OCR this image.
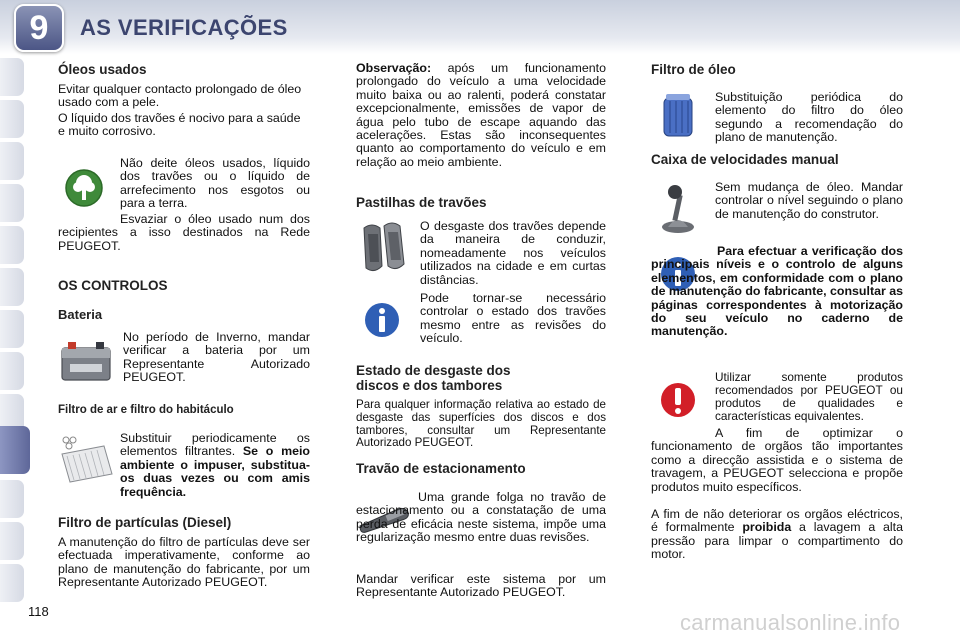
9	AS VERIFICAÇÕES
Óleos usados

Evitar qualquer contacto prolongado de óleo usado com a pele.

O líquido dos travões é nocivo para a saúde e muito corrosivo.

Não deite óleos usados, líquido dos travões ou o líquido de arrefecimento nos esgotos ou para a terra.

Esvaziar o óleo usado num dos recipientes a isso destinados na Rede PEUGEOT.

OS CONTROLOS
Bateria

No período de Inverno, mandar verificar a bateria por um Representante Autorizado PEUGEOT.

Filtro de ar e filtro do habitáculo

Substituir periodicamente os elementos filtrantes. Se o meio ambiente o impuser, substitua-os duas vezes ou com amis frequência.

Filtro de partículas (Diesel)

A manutenção do filtro de partículas deve ser efectuada imperativamente, conforme ao plano de manutenção do fabricante, por um Representante Autorizado PEUGEOT.

Observação: após um funcionamento prolongado do veículo a uma velocidade muito baixa ou ao ralenti, poderá constatar excepcionalmente, emissões de vapor de água pelo tubo de escape aquando das acelerações. Estas são inconsequentes quanto ao comportamento do veículo e em relação ao meio ambiente.

Pastilhas de travões

O desgaste dos travões depende da maneira de conduzir, nomeadamente nos veículos utilizados na cidade e em curtas distâncias.

Pode tornar-se necessário controlar o estado dos travões mesmo entre as revisões do veículo.

Estado de desgaste dos
discos e dos tambores

Para qualquer informação relativa ao estado de desgaste das superfícies dos discos e dos tambores, consultar um Representante Autorizado PEUGEOT.

Travão de estacionamento

Uma grande folga no travão de estacionamento ou a constatação de uma perda de eficácia neste sistema, impõe uma regularização mesmo entre duas revisões.

Mandar verificar este sistema por um Representante Autorizado PEUGEOT.

Filtro de óleo

Substituição periódica do elemento do filtro do óleo segundo a recomendação do plano de manutenção.

Caixa de velocidades manual

Sem mudança de óleo. Mandar controlar o nível seguindo o plano de manutenção do construtor.

Para efectuar a verificação dos principais níveis e o controlo de alguns elementos, em conformidade com o plano de manutenção do fabricante, consultar as páginas correspondentes à motorização do seu veículo no caderno de manutenção.

Utilizar somente produtos recomendados por PEUGEOT ou produtos de qualidades e características equivalentes.

A fim de optimizar o funcionamento de orgãos tão importantes como a direcção assistida e o sistema de travagem, a PEUGEOT selecciona e propõe produtos muito específicos.

A fim de não deteriorar os orgãos eléctricos, é formalmente proibida a lavagem a alta pressão para limpar o compartimento do motor.

118	carmanualsonline.info
